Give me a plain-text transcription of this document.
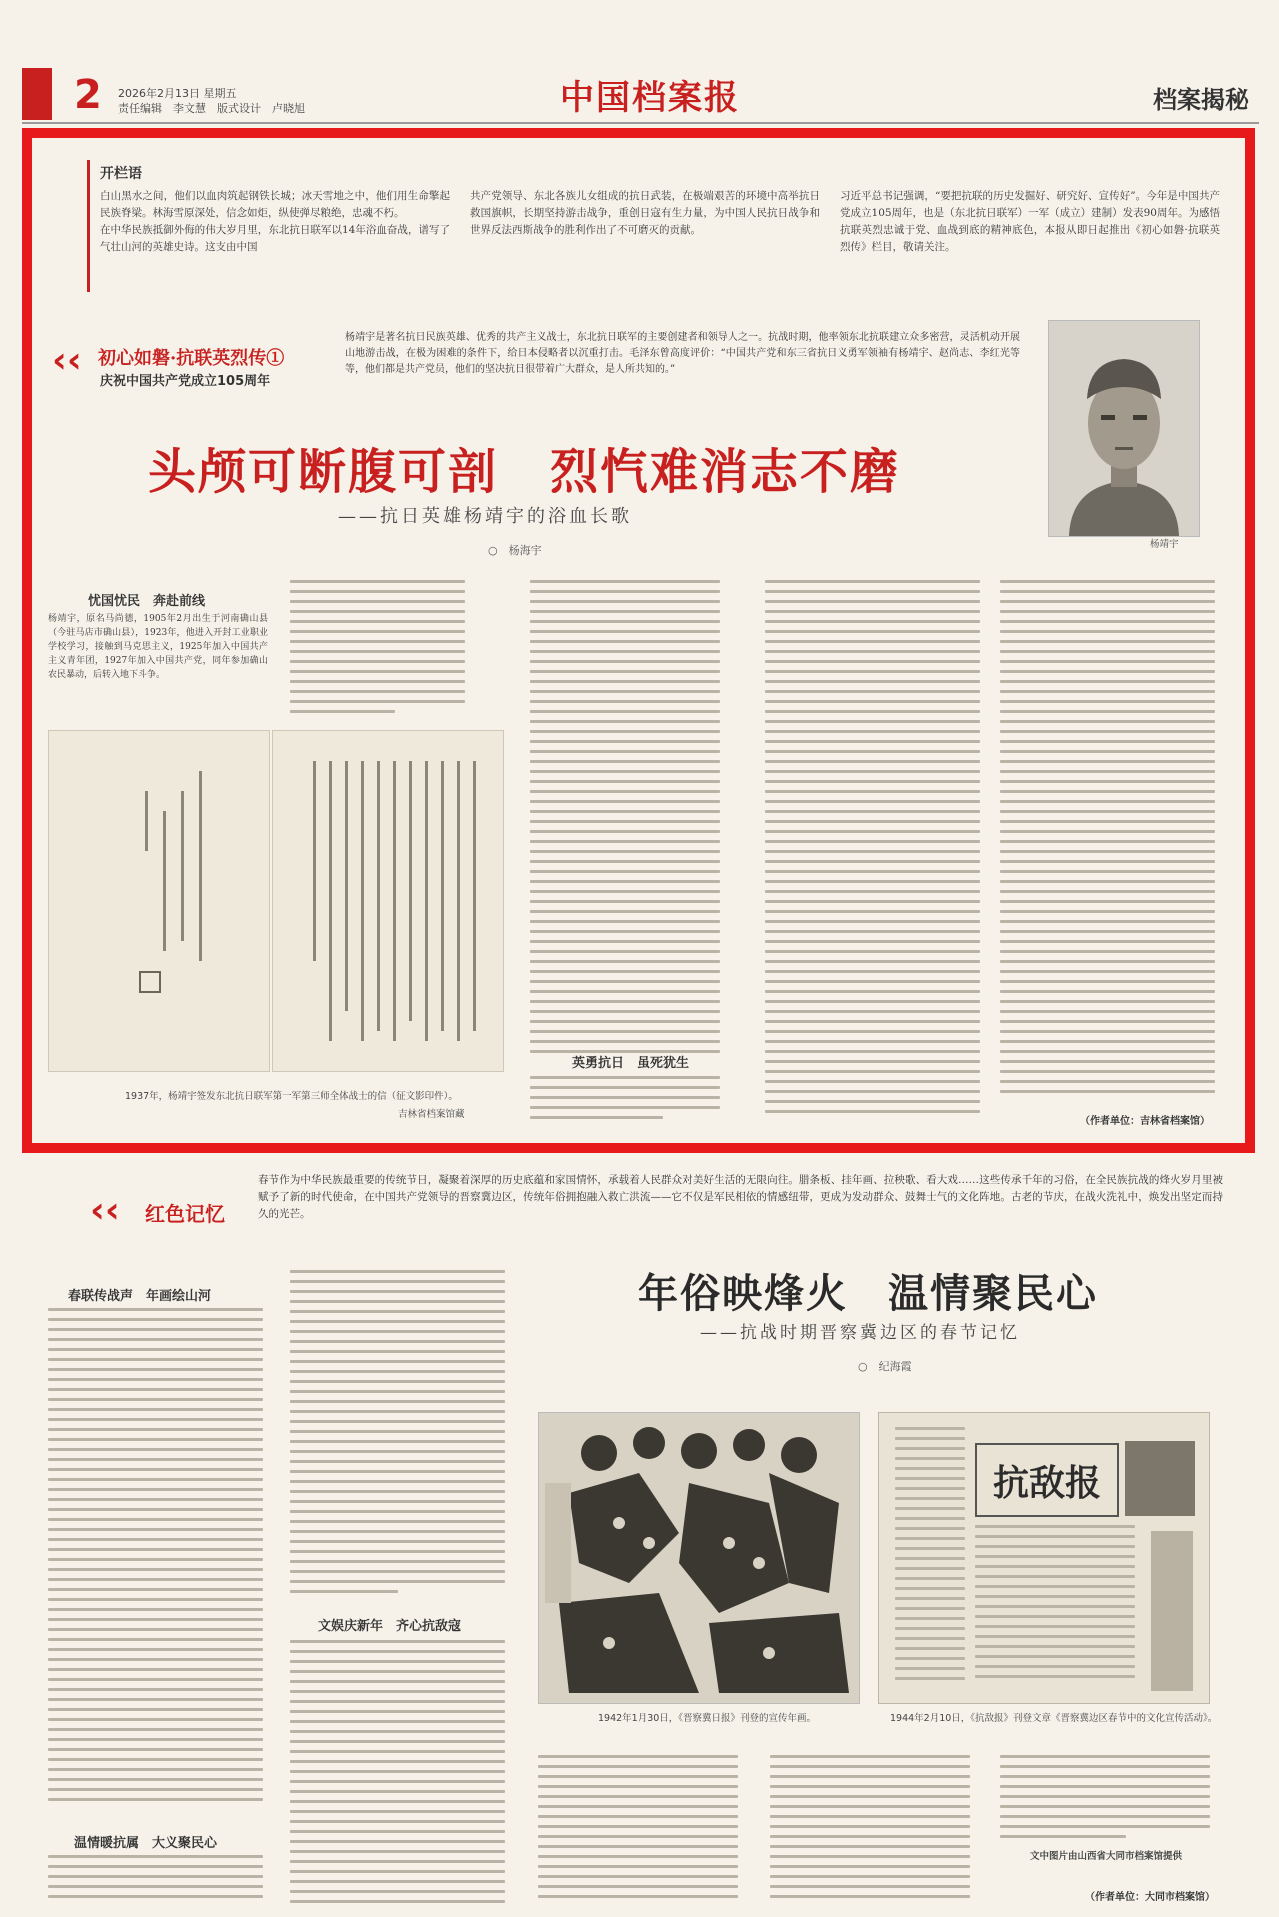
2 2026年2月13日 星期五
责任编辑　李文慧　版式设计　卢晓旭	中国档案报	档案揭秘
开栏语
白山黑水之间，他们以血肉筑起钢铁长城；冰天雪地之中，他们用生命擎起民族脊梁。林海雪原深处，信念如炬，纵使弹尽粮绝，忠魂不朽。
在中华民族抵御外侮的伟大岁月里，东北抗日联军以14年浴血奋战，谱写了气壮山河的英雄史诗。这支由中国
共产党领导、东北各族儿女组成的抗日武装，在极端艰苦的环境中高举抗日救国旗帜，长期坚持游击战争，重创日寇有生力量，为中国人民抗日战争和世界反法西斯战争的胜利作出了不可磨灭的贡献。
习近平总书记强调，“要把抗联的历史发掘好、研究好、宣传好”。今年是中国共产党成立105周年，也是（东北抗日联军）一军（成立）建制）发表90周年。为感悟抗联英烈忠诚于党、血战到底的精神底色，本报从即日起推出《初心如磐·抗联英烈传》栏目，敬请关注。
‹‹ 初心如磐·抗联英烈传①
庆祝中国共产党成立105周年
杨靖宇是著名抗日民族英雄、优秀的共产主义战士，东北抗日联军的主要创建者和领导人之一。抗战时期，他率领东北抗联建立众多密营，灵活机动开展山地游击战，在极为困难的条件下，给日本侵略者以沉重打击。毛泽东曾高度评价：“中国共产党和东三省抗日义勇军领袖有杨靖宇、赵尚志、李红光等等，他们都是共产党员，他们的坚决抗日很带着广大群众，是人所共知的。”
杨靖宇
头颅可断腹可剖 烈忾难消志不磨
——抗日英雄杨靖宇的浴血长歌
○　杨海宇
忧国忧民　奔赴前线
杨靖宇，原名马尚德，1905年2月出生于河南确山县（今驻马店市确山县），1923年，他进入开封工业职业学校学习，接触到马克思主义，1925年加入中国共产主义青年团，1927年加入中国共产党，同年参加确山农民暴动，后转入地下斗争。
英勇抗日　虽死犹生
（作者单位：吉林省档案馆）
1937年，杨靖宇签发东北抗日联军第一军第三师全体战士的信（征文影印件）。
吉林省档案馆藏
‹‹ 红色记忆
春节作为中华民族最重要的传统节日，凝聚着深厚的历史底蕴和家国情怀，承载着人民群众对美好生活的无限向往。腊条板、挂年画、拉秧歌、看大戏……这些传承千年的习俗，在全民族抗战的烽火岁月里被赋予了新的时代使命，在中国共产党领导的晋察冀边区，传统年俗拥抱融入救亡洪流——它不仅是军民相依的情感纽带，更成为发动群众、鼓舞士气的文化阵地。古老的节庆，在战火洗礼中，焕发出坚定而持久的光芒。
年俗映烽火 温情聚民心
——抗战时期晋察冀边区的春节记忆
○　纪海霞
春联传战声　年画绘山河
温情暖抗属　大义聚民心
文娱庆新年　齐心抗敌寇
1942年1月30日，《晋察冀日报》刊登的宣传年画。
抗敌报
1944年2月10日，《抗敌报》刊登文章《晋察冀边区春节中的文化宣传活动》。
文中图片由山西省大同市档案馆提供
（作者单位：大同市档案馆）
